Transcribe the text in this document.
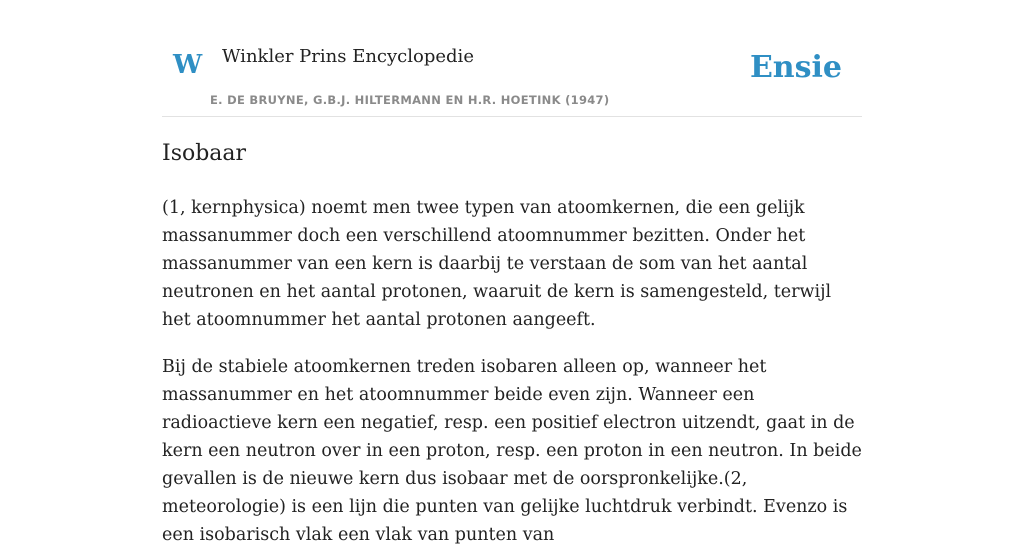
W Winkler Prins Encyclopedie
E. DE BRUYNE, G.B.J. HILTERMANN EN H.R. HOETINK (1947)
Ensie
Isobaar

(1, kernphysica) noemt men twee typen van atoomkernen, die een gelijk massanummer doch een verschillend atoomnummer bezitten. Onder het massanummer van een kern is daarbij te verstaan de som van het aantal neutronen en het aantal protonen, waaruit de kern is samengesteld, terwijl het atoomnummer het aantal protonen aangeeft.

Bij de stabiele atoomkernen treden isobaren alleen op, wanneer het massanummer en het atoomnummer beide even zijn. Wanneer een radioactieve kern een negatief, resp. een positief electron uitzendt, gaat in de kern een neutron over in een proton, resp. een proton in een neutron. In beide gevallen is de nieuwe kern dus isobaar met de oorspronkelijke.(2, meteorologie) is een lijn die punten van gelijke luchtdruk verbindt. Evenzo is een isobarisch vlak een vlak van punten van
